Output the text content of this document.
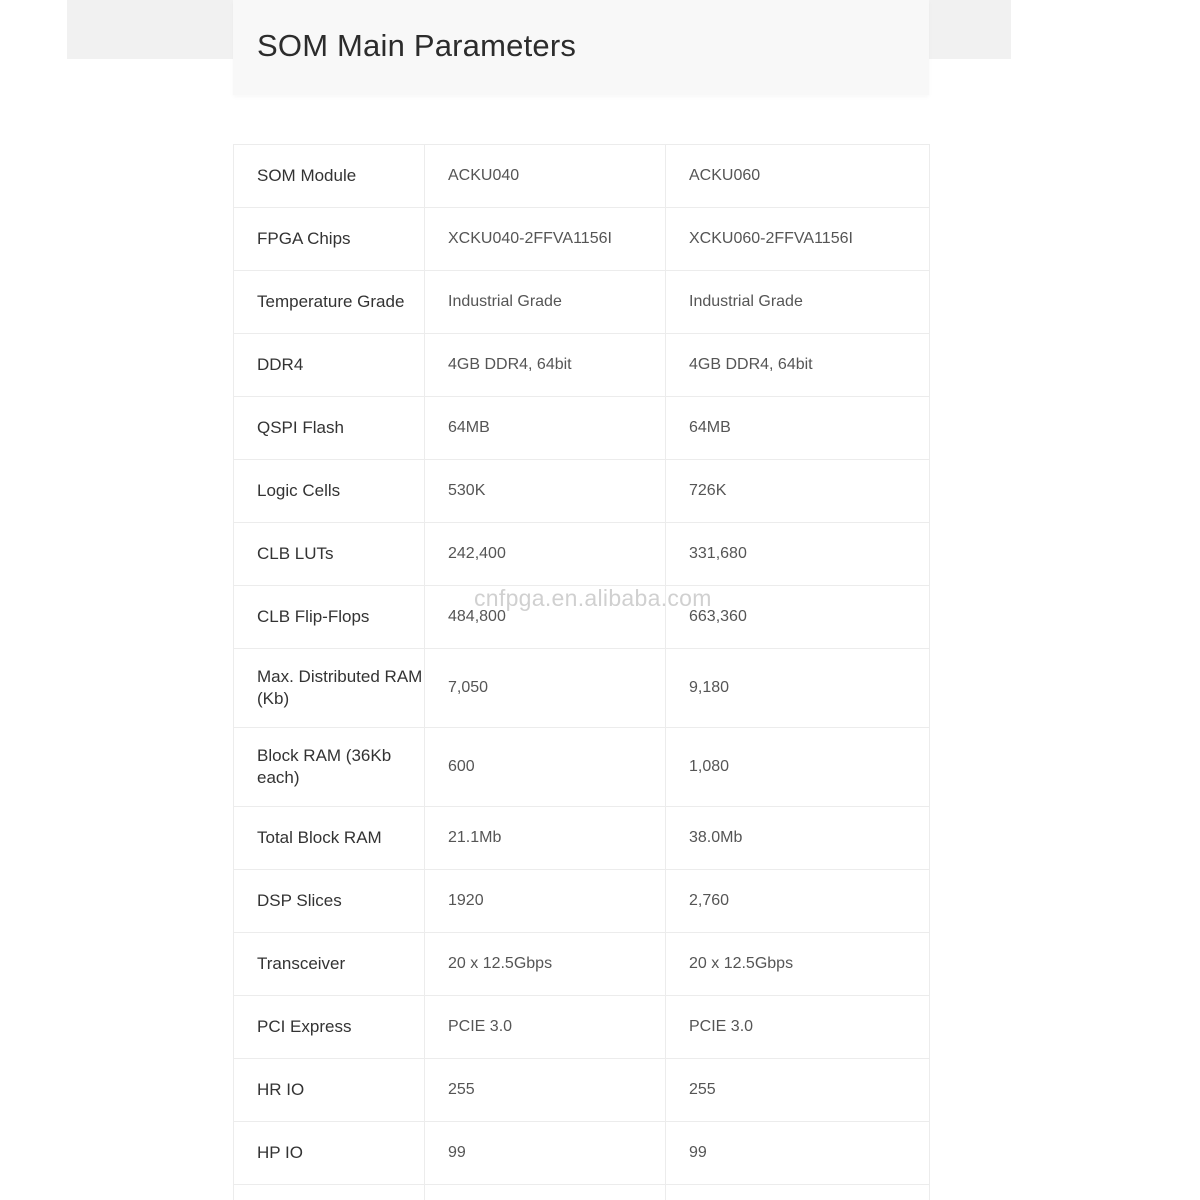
SOM Main Parameters
SOM Module	ACKU040	ACKU060
FPGA Chips	XCKU040-2FFVA1156I	XCKU060-2FFVA1156I
Temperature Grade	Industrial Grade	Industrial Grade
DDR4	4GB DDR4, 64bit	4GB DDR4, 64bit
QSPI Flash	64MB	64MB
Logic Cells	530K	726K
CLB LUTs	242,400	331,680
CLB Flip-Flops	484,800	663,360
Max. Distributed RAM (Kb)	7,050	9,180
Block RAM (36Kb each)	600	1,080
Total Block RAM	21.1Mb	38.0Mb
DSP Slices	1920	2,760
Transceiver	20 x 12.5Gbps	20 x 12.5Gbps
PCI Express	PCIE 3.0	PCIE 3.0
HR IO	255	255
HP IO	99	99

cnfpga.en.alibaba.com
